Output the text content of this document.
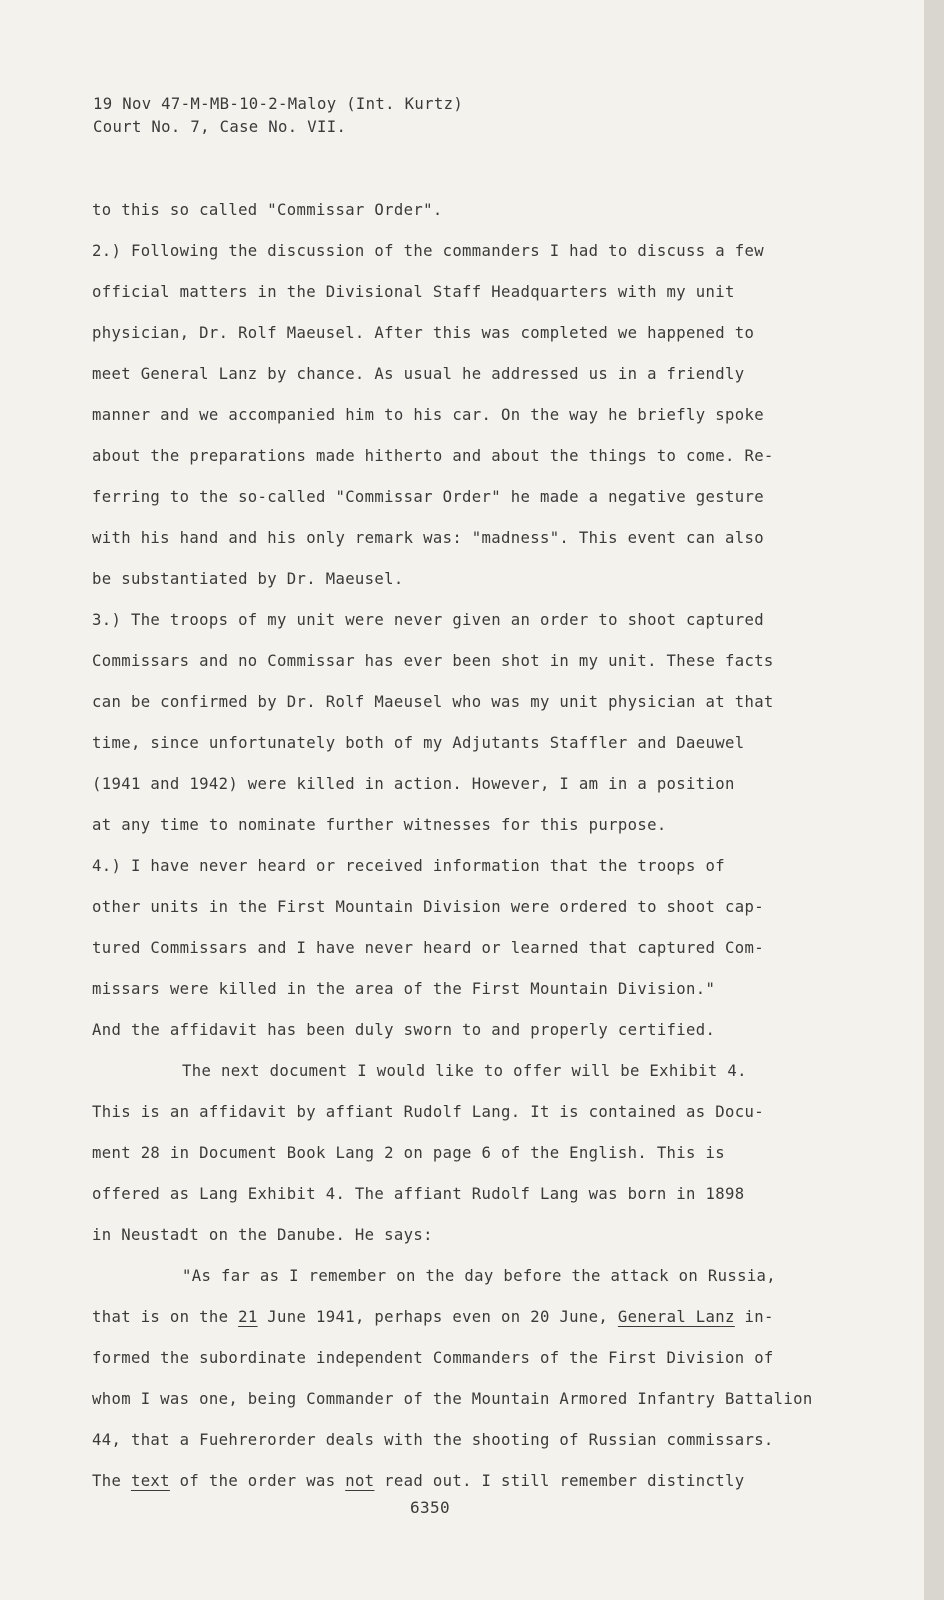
19 Nov 47-M-MB-10-2-Maloy (Int. Kurtz)
Court No. 7, Case No. VII.
to this so called "Commissar Order".
2.) Following the discussion of the commanders I had to discuss a few
official matters in the Divisional Staff Headquarters with my unit
physician, Dr. Rolf Maeusel. After this was completed we happened to
meet General Lanz by chance. As usual he addressed us in a friendly
manner and we accompanied him to his car. On the way he briefly spoke
about the preparations made hitherto and about the things to come. Re-
ferring to the so-called "Commissar Order" he made a negative gesture
with his hand and his only remark was: "madness". This event can also
be substantiated by Dr. Maeusel.
3.) The troops of my unit were never given an order to shoot captured
Commissars and no Commissar has ever been shot in my unit. These facts
can be confirmed by Dr. Rolf Maeusel who was my unit physician at that
time, since unfortunately both of my Adjutants Staffler and Daeuwel
(1941 and 1942) were killed in action. However, I am in a position
at any time to nominate further witnesses for this purpose.
4.) I have never heard or received information that the troops of
other units in the First Mountain Division were ordered to shoot cap-
tured Commissars and I have never heard or learned that captured Com-
missars were killed in the area of the First Mountain Division."
And the affidavit has been duly sworn to and properly certified.
The next document I would like to offer will be Exhibit 4.
This is an affidavit by affiant Rudolf Lang. It is contained as Docu-
ment 28 in Document Book Lang 2 on page 6 of the English. This is
offered as Lang Exhibit 4. The affiant Rudolf Lang was born in 1898
in Neustadt on the Danube. He says:
"As far as I remember on the day before the attack on Russia,
that is on the 21 June 1941, perhaps even on 20 June, General Lanz in-
formed the subordinate independent Commanders of the First Division of
whom I was one, being Commander of the Mountain Armored Infantry Battalion
44, that a Fuehrerorder deals with the shooting of Russian commissars.
The text of the order was not read out. I still remember distinctly
6350
